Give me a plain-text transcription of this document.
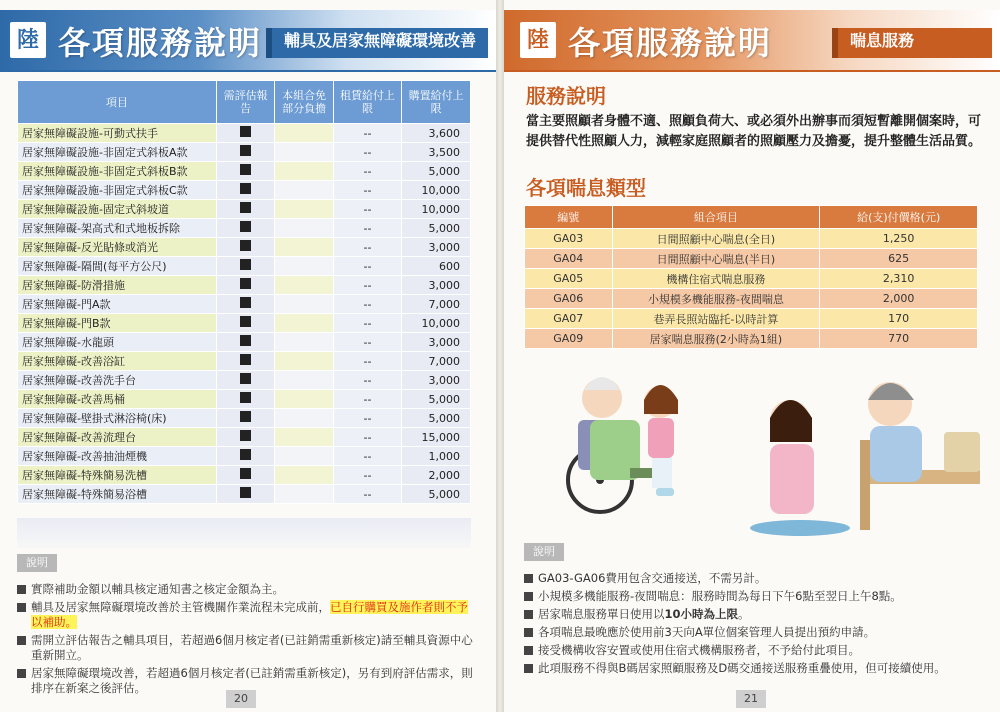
陸 各項服務說明	輔具及居家無障礙環境改善
項目	需評估報告	本組合免部分負擔	租賃給付上限	購置給付上限
居家無障礙設施-可動式扶手			--	3,600
居家無障礙設施-非固定式斜板A款			--	3,500
居家無障礙設施-非固定式斜板B款			--	5,000
居家無障礙設施-非固定式斜板C款			--	10,000
居家無障礙設施-固定式斜坡道			--	10,000
居家無障礙-架高式和式地板拆除			--	5,000
居家無障礙-反光貼條或消光			--	3,000
居家無障礙-隔間(每平方公尺)			--	600
居家無障礙-防滑措施			--	3,000
居家無障礙-門A款			--	7,000
居家無障礙-門B款			--	10,000
居家無障礙-水龍頭			--	3,000
居家無障礙-改善浴缸			--	7,000
居家無障礙-改善洗手台			--	3,000
居家無障礙-改善馬桶			--	5,000
居家無障礙-壁掛式淋浴椅(床)			--	5,000
居家無障礙-改善流理台			--	15,000
居家無障礙-改善抽油煙機			--	1,000
居家無障礙-特殊簡易洗槽			--	2,000
居家無障礙-特殊簡易浴槽			--	5,000
說明
實際補助金額以輔具核定通知書之核定金額為主。
輔具及居家無障礙環境改善於主管機關作業流程未完成前，已自行購買及施作者則不予以補助。
需開立評估報告之輔具項目，若超過6個月核定者(已註銷需重新核定)請至輔具資源中心重新開立。
居家無障礙環境改善，若超過6個月核定者(已註銷需重新核定)，另有到府評估需求，則排序在新案之後評估。
20
陸 各項服務說明	喘息服務
服務說明
當主要照顧者身體不適、照顧負荷大、或必須外出辦事而須短暫離開個案時，可提供替代性照顧人力，減輕家庭照顧者的照顧壓力及擔憂，提升整體生活品質。
各項喘息類型
編號	組合項目	給(支)付價格(元)
GA03	日間照顧中心喘息(全日)	1,250
GA04	日間照顧中心喘息(半日)	625
GA05	機構住宿式喘息服務	2,310
GA06	小規模多機能服務-夜間喘息	2,000
GA07	巷弄長照站臨托-以時計算	170
GA09	居家喘息服務(2小時為1組)	770
說明
GA03-GA06費用包含交通接送，不需另計。
小規模多機能服務-夜間喘息：服務時間為每日下午6點至翌日上午8點。
居家喘息服務單日使用以10小時為上限。
各項喘息最晚應於使用前3天向A單位個案管理人員提出預約申請。
接受機構收容安置或使用住宿式機構服務者，不予給付此項目。
此項服務不得與B碼居家照顧服務及D碼交通接送服務重疊使用，但可接續使用。
21
